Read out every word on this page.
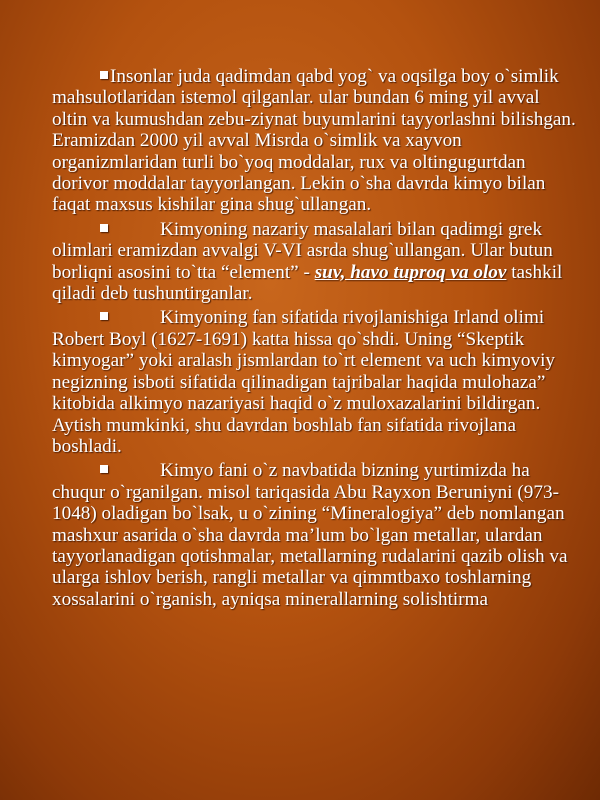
Insonlar juda qadimdan qabd yog` va oqsilga boy o`simlik mahsulotlaridan istemol qilganlar. ular bundan 6 ming yil avval oltin va kumushdan zebu-ziynat buyumlarini tayyorlashni bilishgan. Eramizdan 2000 yil avval Misrda o`simlik va xayvon organizmlaridan turli bo`yoq moddalar, rux va oltingugurtdan dorivor moddalar tayyorlangan. Lekin o`sha davrda kimyo bilan faqat maxsus kishilar gina shug`ullangan.

Kimyoning nazariy masalalari bilan qadimgi grek olimlari eramizdan avvalgi V-VI asrda shug`ullangan. Ular butun borliqni asosini to`tta “element” - suv, havo tuproq va olov tashkil qiladi deb tushuntirganlar.

Kimyoning fan sifatida rivojlanishiga Irland olimi Robert Boyl (1627-1691) katta hissa qo`shdi. Uning “Skeptik kimyogar” yoki aralash jismlardan to`rt element va uch kimyoviy negizning isboti sifatida qilinadigan tajribalar haqida mulohaza” kitobida alkimyo nazariyasi haqid o`z muloxazalarini bildirgan. Aytish mumkinki, shu davrdan boshlab fan sifatida rivojlana boshladi.

Kimyo fani o`z navbatida bizning yurtimizda ha chuqur o`rganilgan. misol tariqasida Abu Rayxon Beruniyni (973-1048) oladigan bo`lsak, u o`zining “Mineralogiya” deb nomlangan mashxur asarida o`sha davrda ma’lum bo`lgan metallar, ulardan tayyorlanadigan qotishmalar, metallarning rudalarini qazib olish va ularga ishlov berish, rangli metallar va qimmtbaxo toshlarning xossalarini o`rganish, ayniqsa minerallarning solishtirma
